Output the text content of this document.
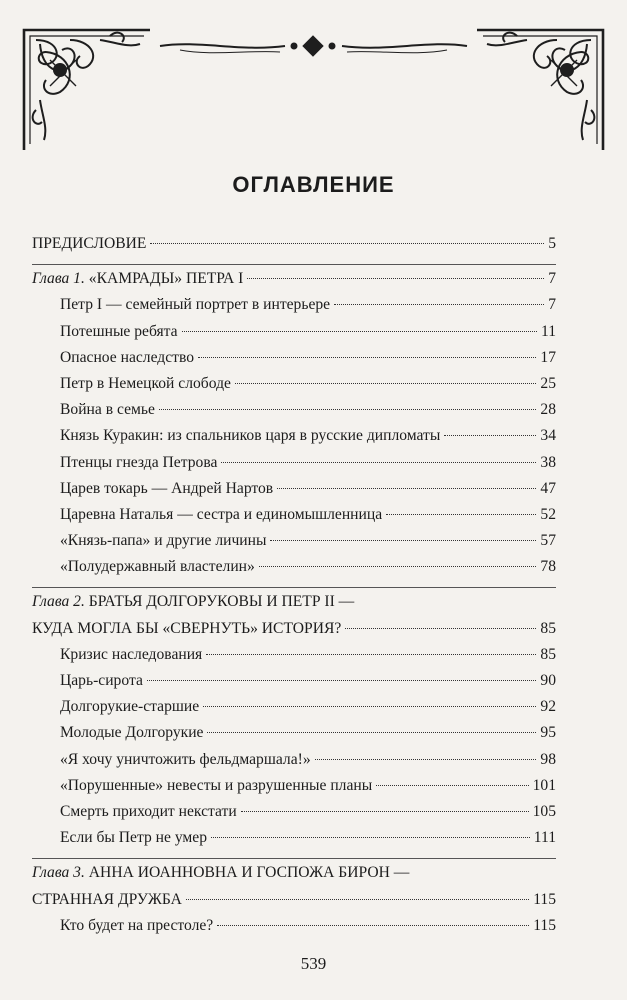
ОГЛАВЛЕНИЕ
ПРЕДИСЛОВИЕ	5
Глава 1. «КАМРАДЫ» ПЕТРА I	7
Петр I — семейный портрет в интерьере	7
Потешные ребята	11
Опасное наследство	17
Петр в Немецкой слободе	25
Война в семье	28
Князь Куракин: из спальников царя в русские дипломаты	34
Птенцы гнезда Петрова	38
Царев токарь — Андрей Нартов	47
Царевна Наталья — сестра и единомышленница	52
«Князь-папа» и другие личины	57
«Полудержавный властелин»	78
Глава 2. БРАТЬЯ ДОЛГОРУКОВЫ И ПЕТР II —
КУДА МОГЛА БЫ «СВЕРНУТЬ» ИСТОРИЯ?	85
Кризис наследования	85
Царь-сирота	90
Долгорукие-старшие	92
Молодые Долгорукие	95
«Я хочу уничтожить фельдмаршала!»	98
«Порушенные» невесты и разрушенные планы	101
Смерть приходит некстати	105
Если бы Петр не умер	111
Глава 3. АННА ИОАННОВНА И ГОСПОЖА БИРОН —
СТРАННАЯ ДРУЖБА	115
Кто будет на престоле?	115
539
